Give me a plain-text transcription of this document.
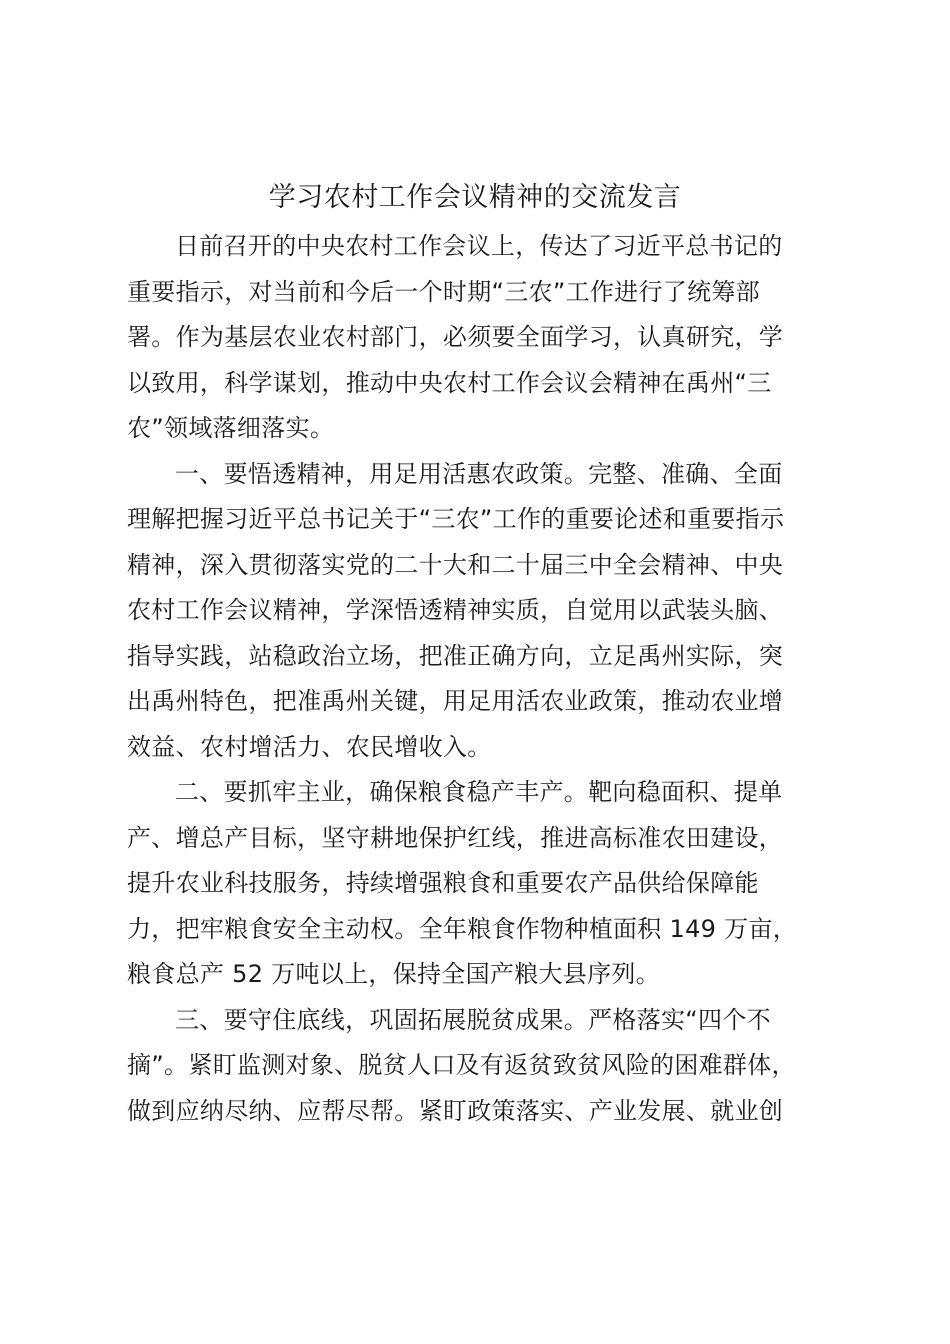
学习农村工作会议精神的交流发言
日前召开的中央农村工作会议上，传达了习近平总书记的
重要指示，对当前和今后一个时期“三农”工作进行了统筹部
署。作为基层农业农村部门，必须要全面学习，认真研究，学
以致用，科学谋划，推动中央农村工作会议会精神在禹州“三
农”领域落细落实。
一、要悟透精神，用足用活惠农政策。完整、准确、全面
理解把握习近平总书记关于“三农”工作的重要论述和重要指示
精神，深入贯彻落实党的二十大和二十届三中全会精神、中央
农村工作会议精神，学深悟透精神实质，自觉用以武装头脑、
指导实践，站稳政治立场，把准正确方向，立足禹州实际，突
出禹州特色，把准禹州关键，用足用活农业政策，推动农业增
效益、农村增活力、农民增收入。
二、要抓牢主业，确保粮食稳产丰产。靶向稳面积、提单
产、增总产目标，坚守耕地保护红线，推进高标准农田建设，
提升农业科技服务，持续增强粮食和重要农产品供给保障能
力，把牢粮食安全主动权。全年粮食作物种植面积 149 万亩，
粮食总产 52 万吨以上，保持全国产粮大县序列。
三、要守住底线，巩固拓展脱贫成果。严格落实“四个不
摘”。紧盯监测对象、脱贫人口及有返贫致贫风险的困难群体，
做到应纳尽纳、应帮尽帮。紧盯政策落实、产业发展、就业创
